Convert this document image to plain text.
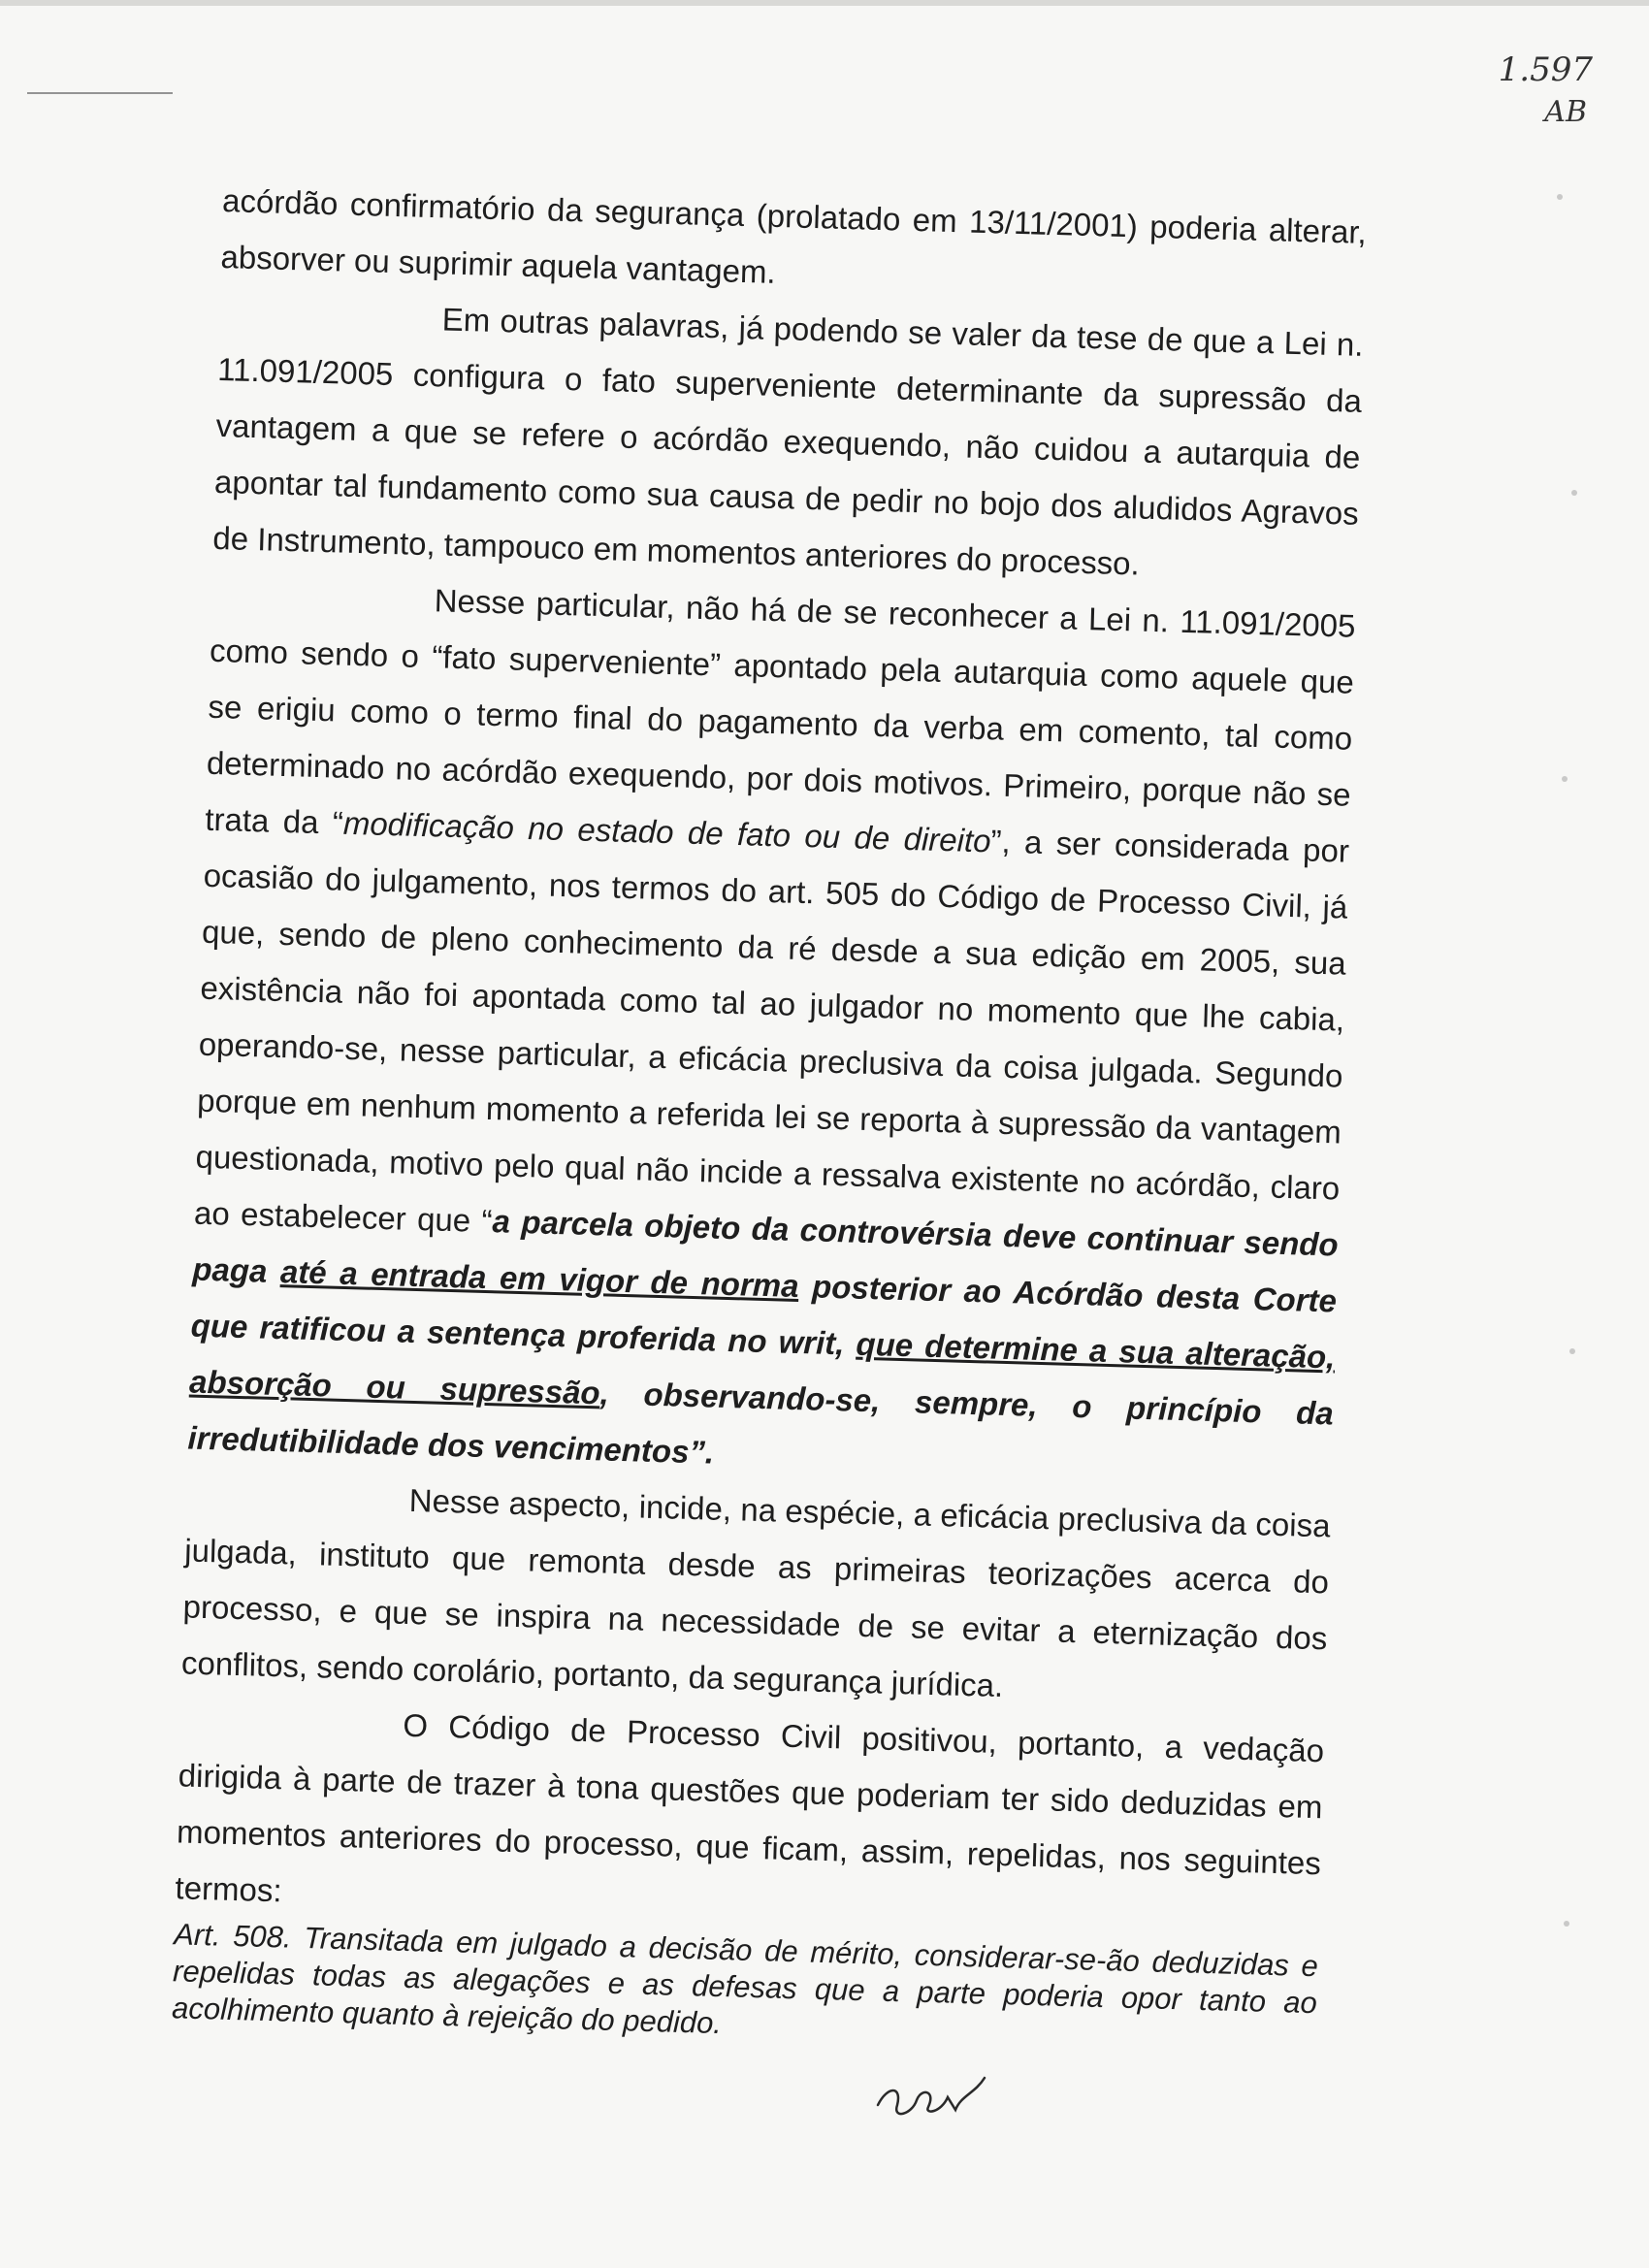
1.597
AB

acórdão confirmatório da segurança (prolatado em 13/11/2001) poderia alterar, absorver ou suprimir aquela vantagem.

Em outras palavras, já podendo se valer da tese de que a Lei n. 11.091/2005 configura o fato superveniente determinante da supressão da vantagem a que se refere o acórdão exequendo, não cuidou a autarquia de apontar tal fundamento como sua causa de pedir no bojo dos aludidos Agravos de Instrumento, tampouco em momentos anteriores do processo.

Nesse particular, não há de se reconhecer a Lei n. 11.091/2005 como sendo o “fato superveniente” apontado pela autarquia como aquele que se erigiu como o termo final do pagamento da verba em comento, tal como determinado no acórdão exequendo, por dois motivos. Primeiro, porque não se trata da “modificação no estado de fato ou de direito”, a ser considerada por ocasião do julgamento, nos termos do art. 505 do Código de Processo Civil, já que, sendo de pleno conhecimento da ré desde a sua edição em 2005, sua existência não foi apontada como tal ao julgador no momento que lhe cabia, operando-se, nesse particular, a eficácia preclusiva da coisa julgada. Segundo porque em nenhum momento a referida lei se reporta à supressão da vantagem questionada, motivo pelo qual não incide a ressalva existente no acórdão, claro ao estabelecer que “a parcela objeto da controvérsia deve continuar sendo paga até a entrada em vigor de norma posterior ao Acórdão desta Corte que ratificou a sentença proferida no writ, que determine a sua alteração, absorção ou supressão, observando-se, sempre, o princípio da irredutibilidade dos vencimentos”.

Nesse aspecto, incide, na espécie, a eficácia preclusiva da coisa julgada, instituto que remonta desde as primeiras teorizações acerca do processo, e que se inspira na necessidade de se evitar a eternização dos conflitos, sendo corolário, portanto, da segurança jurídica.

O Código de Processo Civil positivou, portanto, a vedação dirigida à parte de trazer à tona questões que poderiam ter sido deduzidas em momentos anteriores do processo, que ficam, assim, repelidas, nos seguintes termos:

Art. 508. Transitada em julgado a decisão de mérito, considerar-se-ão deduzidas e repelidas todas as alegações e as defesas que a parte poderia opor tanto ao acolhimento quanto à rejeição do pedido.
